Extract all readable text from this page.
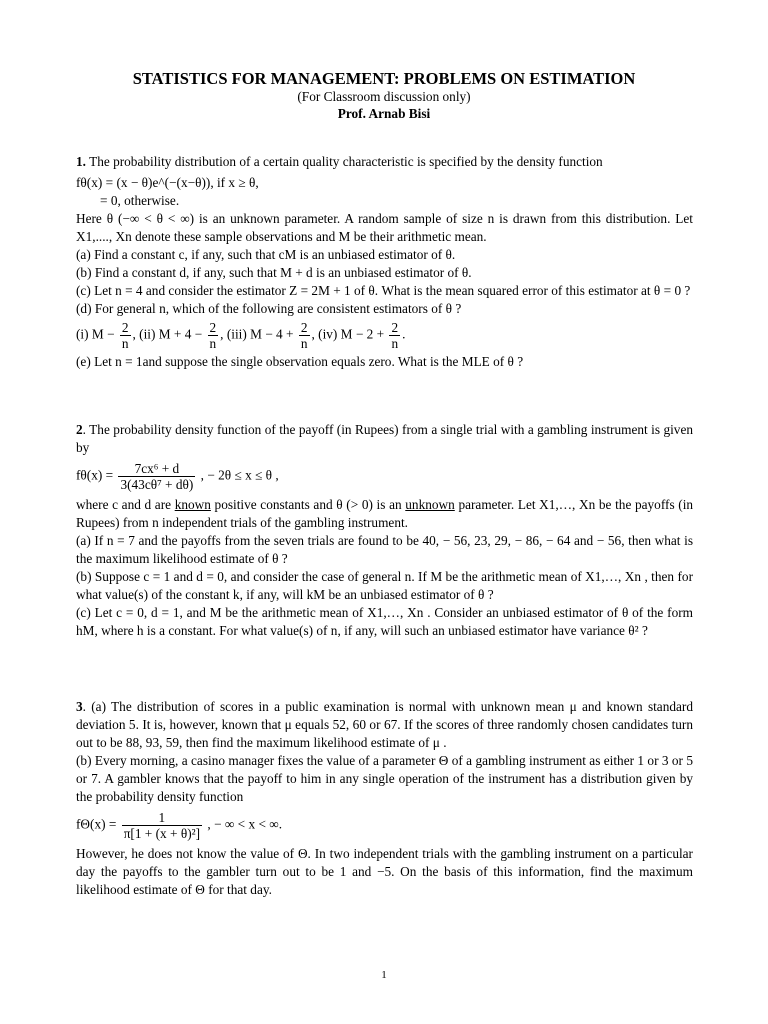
STATISTICS FOR MANAGEMENT: PROBLEMS ON ESTIMATION
(For Classroom discussion only)
Prof. Arnab Bisi

1. The probability distribution of a certain quality characteristic is specified by the density function

fθ(x) = (x − θ)e^(−(x−θ)), if x ≥ θ,

= 0, otherwise.

Here θ (−∞ < θ < ∞) is an unknown parameter. A random sample of size n is drawn from this distribution. Let X1,...., Xn denote these sample observations and M be their arithmetic mean.

(a) Find a constant c, if any, such that cM is an unbiased estimator of θ.

(b) Find a constant d, if any, such that M + d is an unbiased estimator of θ.

(c) Let n = 4 and consider the estimator Z = 2M + 1 of θ. What is the mean squared error of this estimator at θ = 0 ?

(d) For general n, which of the following are consistent estimators of θ ?

(i) $M - \frac{2}{n}$ , (ii) $M + 4 - \frac{2}{n}$ , (iii) $M - 4 + \frac{2}{n}$ , (iv) $M - 2 + \frac{2}{n}$ .

(e) Let n = 1and suppose the single observation equals zero. What is the MLE of θ ?

2. The probability density function of the payoff (in Rupees) from a single trial with a gambling instrument is given by

$f\theta(x) = \frac{\text{7cx⁶ + d}}{\text{3(43cθ⁷ + dθ)}}$ , − 2θ ≤ x ≤ θ ,

where c and d are known positive constants and θ (> 0) is an unknown parameter. Let X1,…, Xn be the payoffs (in Rupees) from n independent trials of the gambling instrument.

(a) If n = 7 and the payoffs from the seven trials are found to be 40, − 56, 23, 29, − 86, − 64 and − 56, then what is the maximum likelihood estimate of θ ?

(b) Suppose c = 1 and d = 0, and consider the case of general n. If M be the arithmetic mean of X1,…, Xn , then for what value(s) of the constant k, if any, will kM be an unbiased estimator of θ ?

(c) Let c = 0, d = 1, and M be the arithmetic mean of X1,…, Xn . Consider an unbiased estimator of θ of the form hM, where h is a constant. For what value(s) of n, if any, will such an unbiased estimator have variance θ² ?

3. (a) The distribution of scores in a public examination is normal with unknown mean μ and known standard deviation 5. It is, however, known that μ equals 52, 60 or 67. If the scores of three randomly chosen candidates turn out to be 88, 93, 59, then find the maximum likelihood estimate of μ .

(b) Every morning, a casino manager fixes the value of a parameter Θ of a gambling instrument as either 1 or 3 or 5 or 7. A gambler knows that the payoff to him in any single operation of the instrument has a distribution given by the probability density function

$f\Theta(x) = \frac{1}{\text{π[1 + (x + θ)²]}}$ , − ∞ < x < ∞.

However, he does not know the value of Θ. In two independent trials with the gambling instrument on a particular day the payoffs to the gambler turn out to be 1 and −5. On the basis of this information, find the maximum likelihood estimate of Θ for that day.

1
